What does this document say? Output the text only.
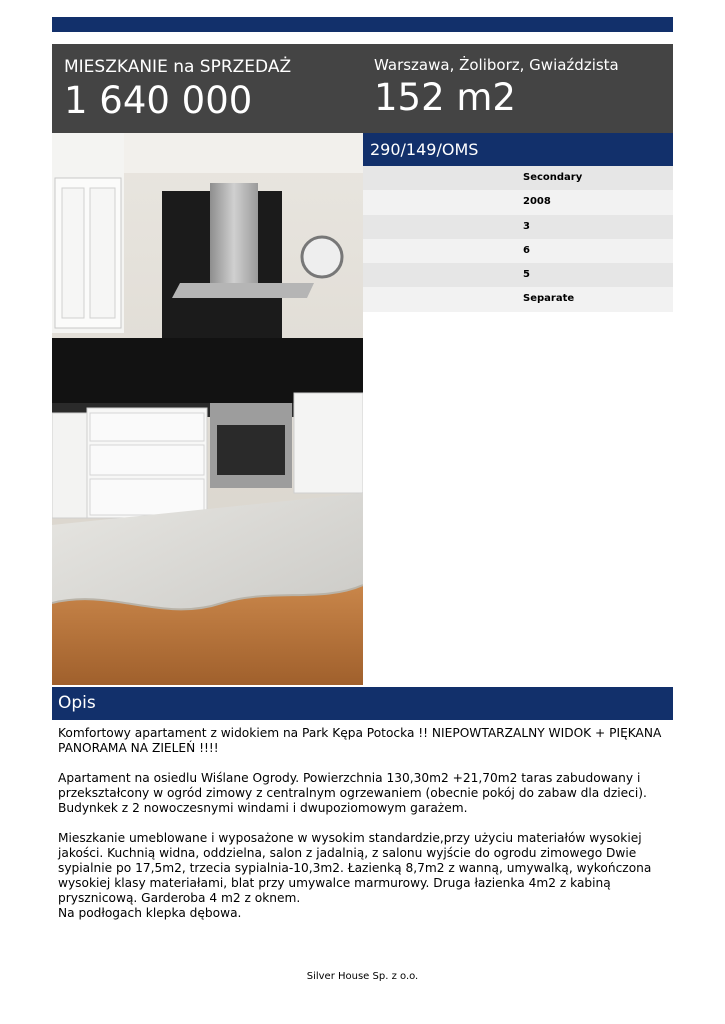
MIESZKANIE na SPRZEDAŻ
1 640 000
Warszawa, Żoliborz, Gwiaździsta
152 m2
290/149/OMS
Secondary
2008
3
6
5
Separate
Opis

Komfortowy apartament z widokiem na Park Kępa Potocka !! NIEPOWTARZALNY WIDOK + PIĘKANA PANORAMA NA ZIELEŃ !!!!

Apartament na osiedlu Wiślane Ogrody. Powierzchnia 130,30m2 +21,70m2 taras zabudowany i przekształcony w ogród zimowy z centralnym ogrzewaniem (obecnie pokój do zabaw dla dzieci). Budynkek z 2 nowoczesnymi windami i dwupoziomowym garażem.

Mieszkanie umeblowane i wyposażone w wysokim standardzie,przy użyciu materiałów wysokiej jakości. Kuchnią widna, oddzielna, salon z jadalnią, z salonu wyjście do ogrodu zimowego Dwie sypialnie po 17,5m2, trzecia sypialnia-10,3m2. Łazienką 8,7m2 z wanną, umywalką, wykończona wysokiej klasy materiałami, blat przy umywalce marmurowy. Druga łazienka 4m2 z kabiną prysznicową. Garderoba 4 m2 z oknem.
Na podłogach klepka dębowa.

Silver House Sp. z o.o.
